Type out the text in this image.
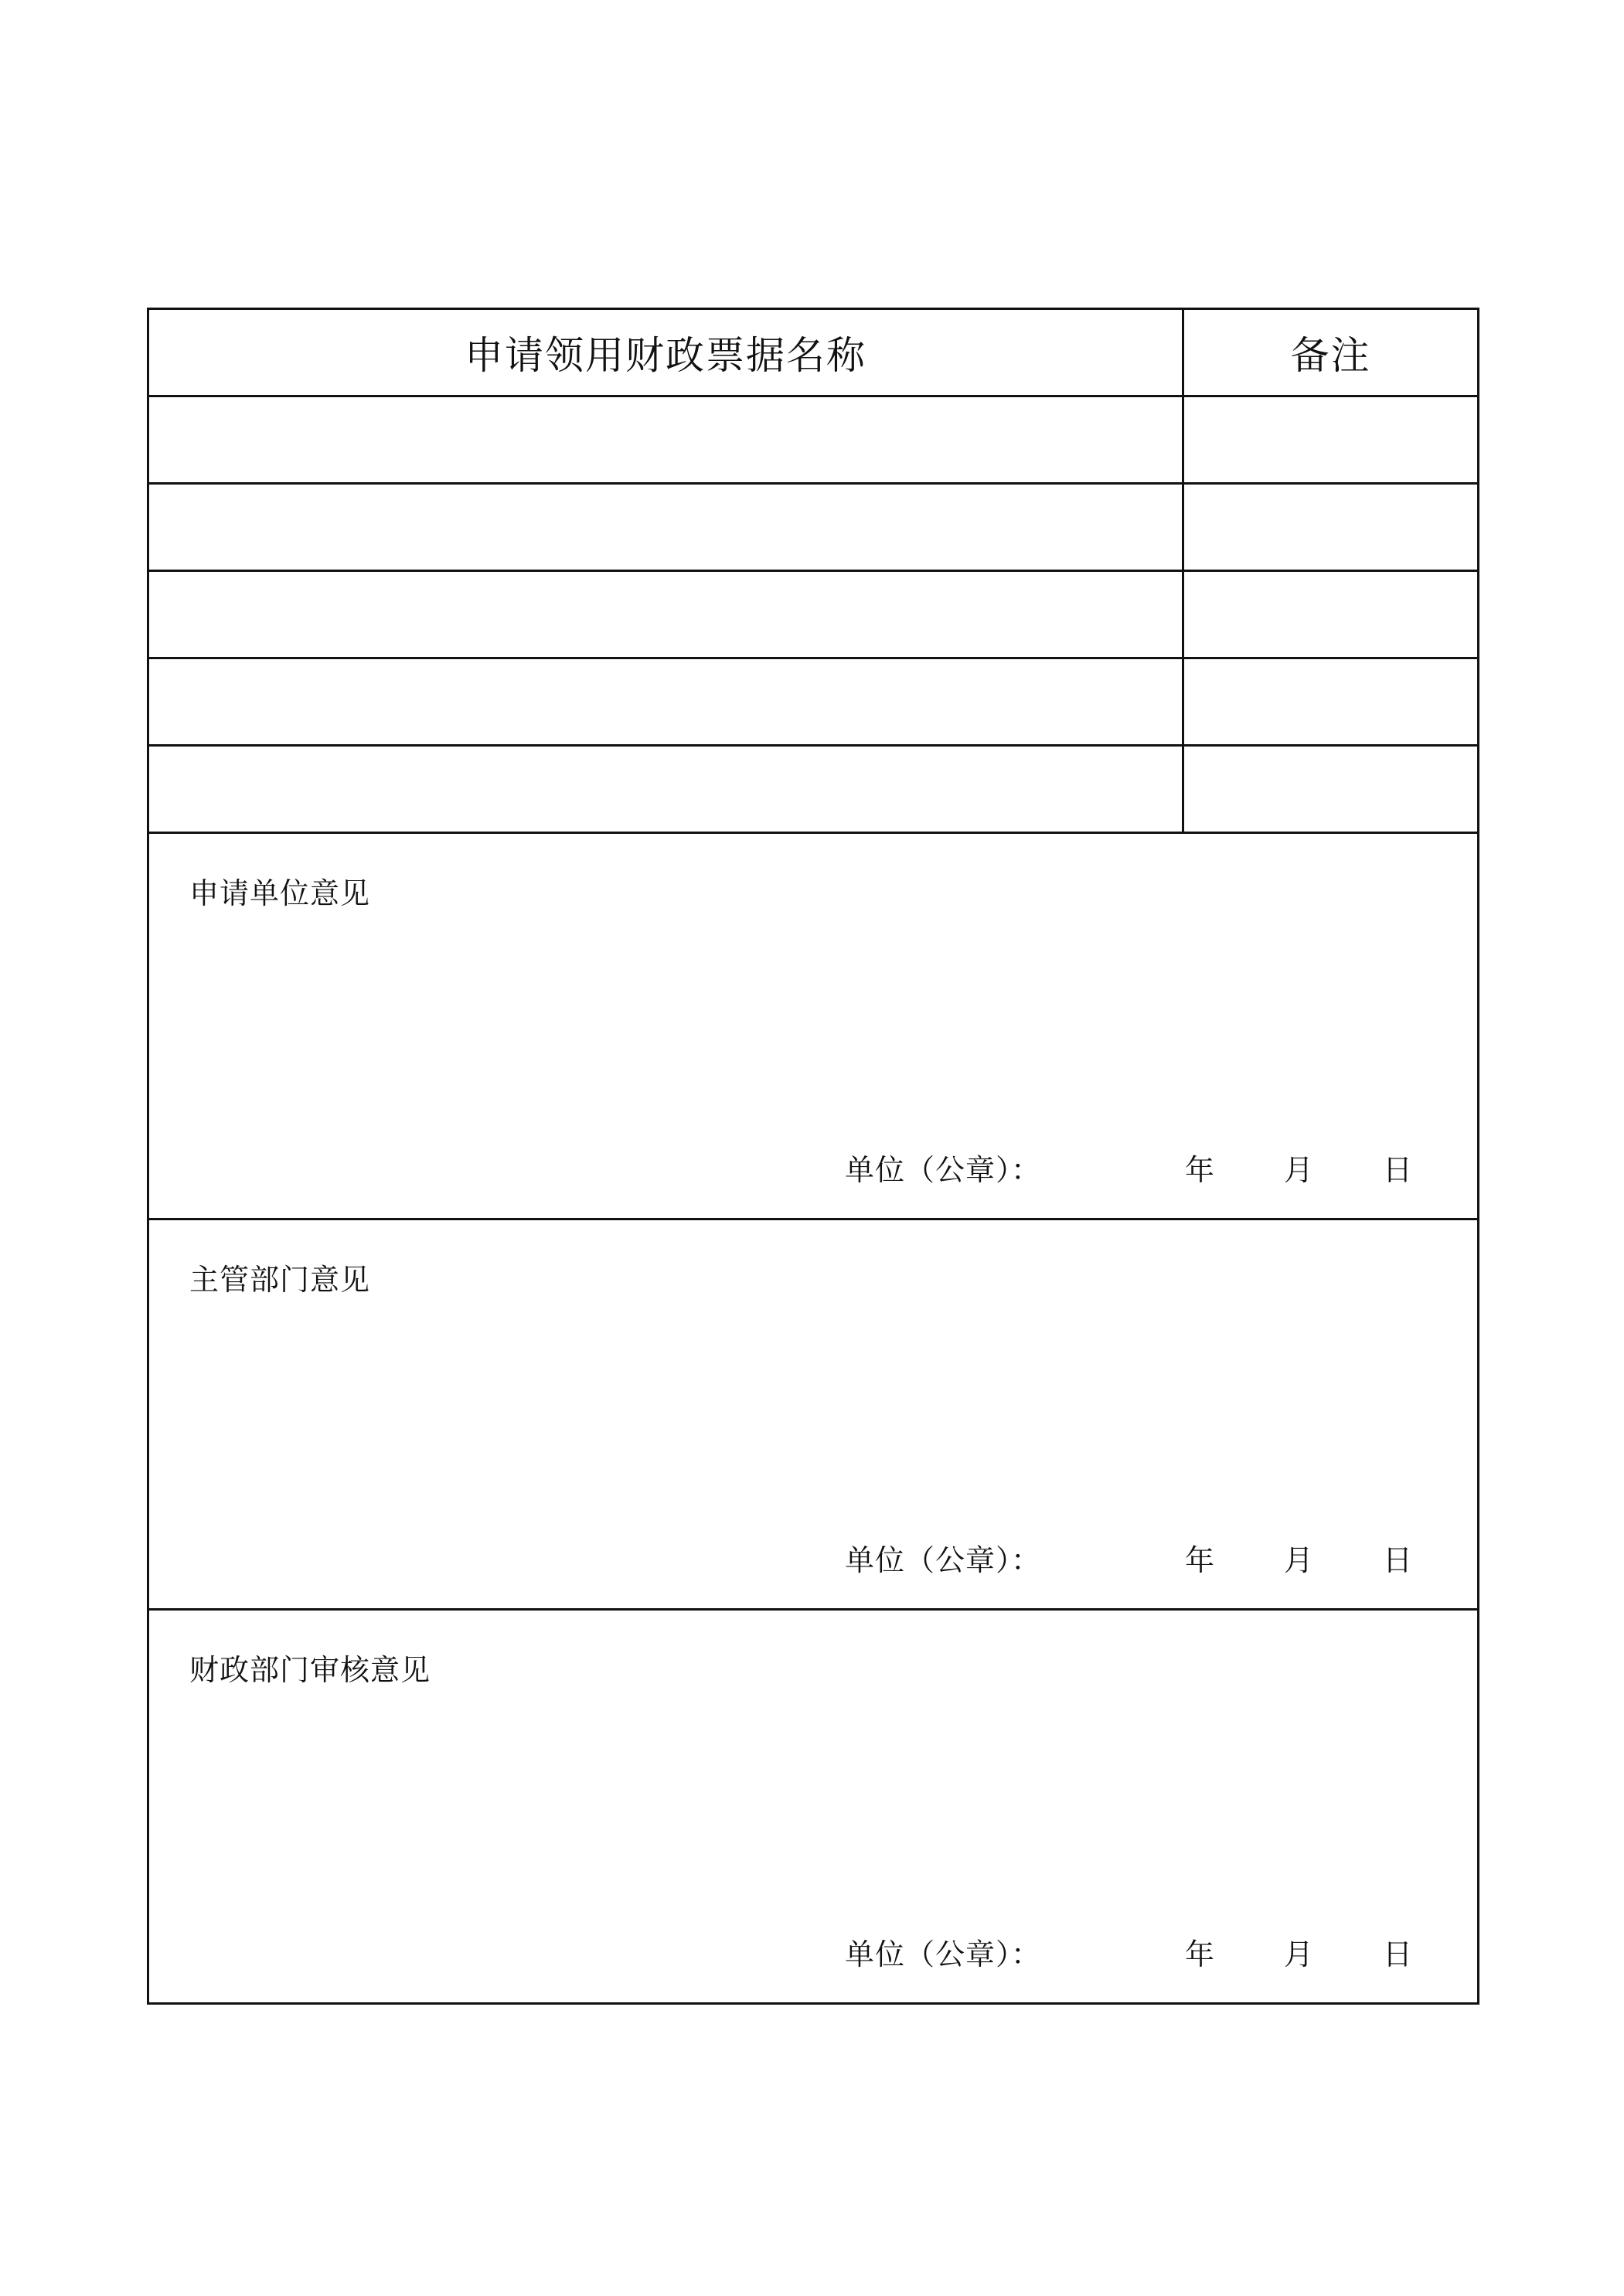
申请领用财政票据名称	备注
申请单位意见
单位（公章）：	年 月 日
主管部门意见
单位（公章）：	年 月 日
财政部门审核意见
单位（公章）：	年 月 日
